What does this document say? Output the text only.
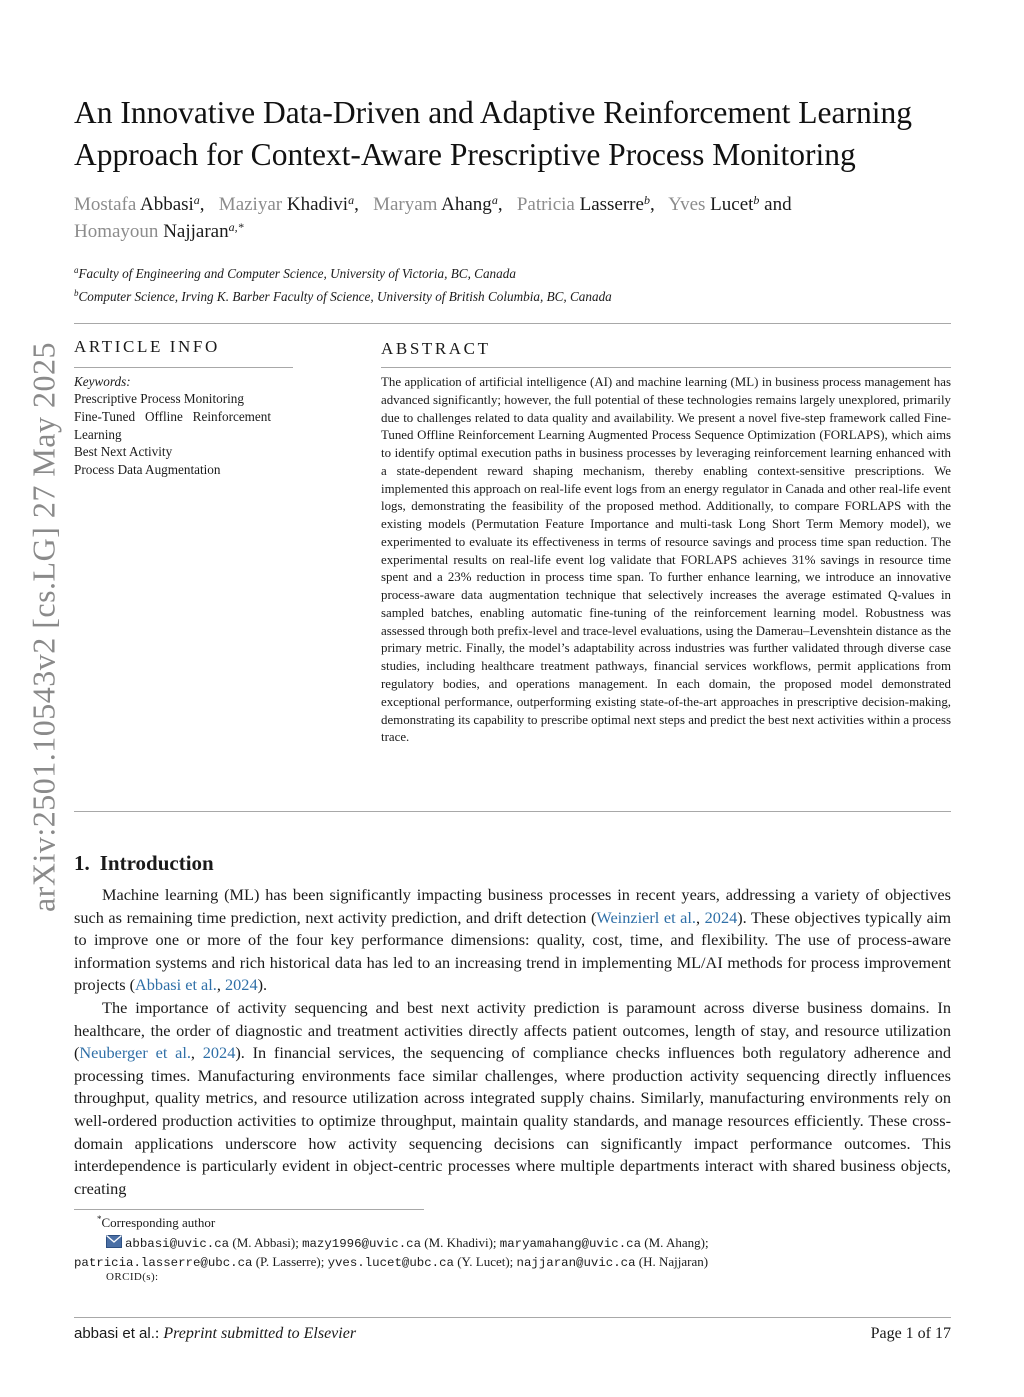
arXiv:2501.10543v2 [cs.LG] 27 May 2025
An Innovative Data-Driven and Adaptive Reinforcement Learning
Approach for Context-Aware Prescriptive Process Monitoring
Mostafa Abbasi$^a$,   Maziyar Khadivi$^a$,   Maryam Ahang$^a$,   Patricia Lasserre$^b$,   Yves Lucet$^b$ and
Homayoun Najjaran$^{a,*}$
$^a$Faculty of Engineering and Computer Science, University of Victoria, BC, Canada
$^b$Computer Science, Irving K. Barber Faculty of Science, University of British Columbia, BC, Canada
ARTICLE INFO	ABSTRACT
Keywords:
Prescriptive Process Monitoring
Fine-Tuned   Offline   Reinforcement
Learning
Best Next Activity
Process Data Augmentation
The application of artificial intelligence (AI) and machine learning (ML) in business process management has advanced significantly; however, the full potential of these technologies remains largely unexplored, primarily due to challenges related to data quality and availability. We present a novel five-step framework called Fine-Tuned Offline Reinforcement Learning Augmented Process Sequence Optimization (FORLAPS), which aims to identify optimal execution paths in business processes by leveraging reinforcement learning enhanced with a state-dependent reward shaping mechanism, thereby enabling context-sensitive prescriptions. We implemented this approach on real-life event logs from an energy regulator in Canada and other real-life event logs, demonstrating the feasibility of the proposed method. Additionally, to compare FORLAPS with the existing models (Permutation Feature Importance and multi-task Long Short Term Memory model), we experimented to evaluate its effectiveness in terms of resource savings and process time span reduction. The experimental results on real-life event log validate that FORLAPS achieves 31% savings in resource time spent and a 23% reduction in process time span. To further enhance learning, we introduce an innovative process-aware data augmentation technique that selectively increases the average estimated Q-values in sampled batches, enabling automatic fine-tuning of the reinforcement learning model. Robustness was assessed through both prefix-level and trace-level evaluations, using the Damerau–Levenshtein distance as the primary metric. Finally, the model’s adaptability across industries was further validated through diverse case studies, including healthcare treatment pathways, financial services workflows, permit applications from regulatory bodies, and operations management. In each domain, the proposed model demonstrated exceptional performance, outperforming existing state-of-the-art approaches in prescriptive decision-making, demonstrating its capability to prescribe optimal next steps and predict the best next activities within a process trace.
1. Introduction

Machine learning (ML) has been significantly impacting business processes in recent years, addressing a variety of objectives such as remaining time prediction, next activity prediction, and drift detection (Weinzierl et al., 2024). These objectives typically aim to improve one or more of the four key performance dimensions: quality, cost, time, and flexibility. The use of process-aware information systems and rich historical data has led to an increasing trend in implementing ML/AI methods for process improvement projects (Abbasi et al., 2024).

The importance of activity sequencing and best next activity prediction is paramount across diverse business domains. In healthcare, the order of diagnostic and treatment activities directly affects patient outcomes, length of stay, and resource utilization (Neuberger et al., 2024). In financial services, the sequencing of compliance checks influences both regulatory adherence and processing times. Manufacturing environments face similar challenges, where production activity sequencing directly influences throughput, quality metrics, and resource utilization across integrated supply chains. Similarly, manufacturing environments rely on well-ordered production activities to optimize throughput, maintain quality standards, and manage resources efficiently. These cross-domain applications underscore how activity sequencing decisions can significantly impact performance outcomes. This interdependence is particularly evident in object-centric processes where multiple departments interact with shared business objects, creating

*Corresponding author
abbasi@uvic.ca (M. Abbasi); mazy1996@uvic.ca (M. Khadivi); maryamahang@uvic.ca (M. Ahang);
patricia.lasserre@ubc.ca (P. Lasserre); yves.lucet@ubc.ca (Y. Lucet); najjaran@uvic.ca (H. Najjaran)
ORCID(s):
abbasi et al.: Preprint submitted to Elsevier	Page 1 of 17
